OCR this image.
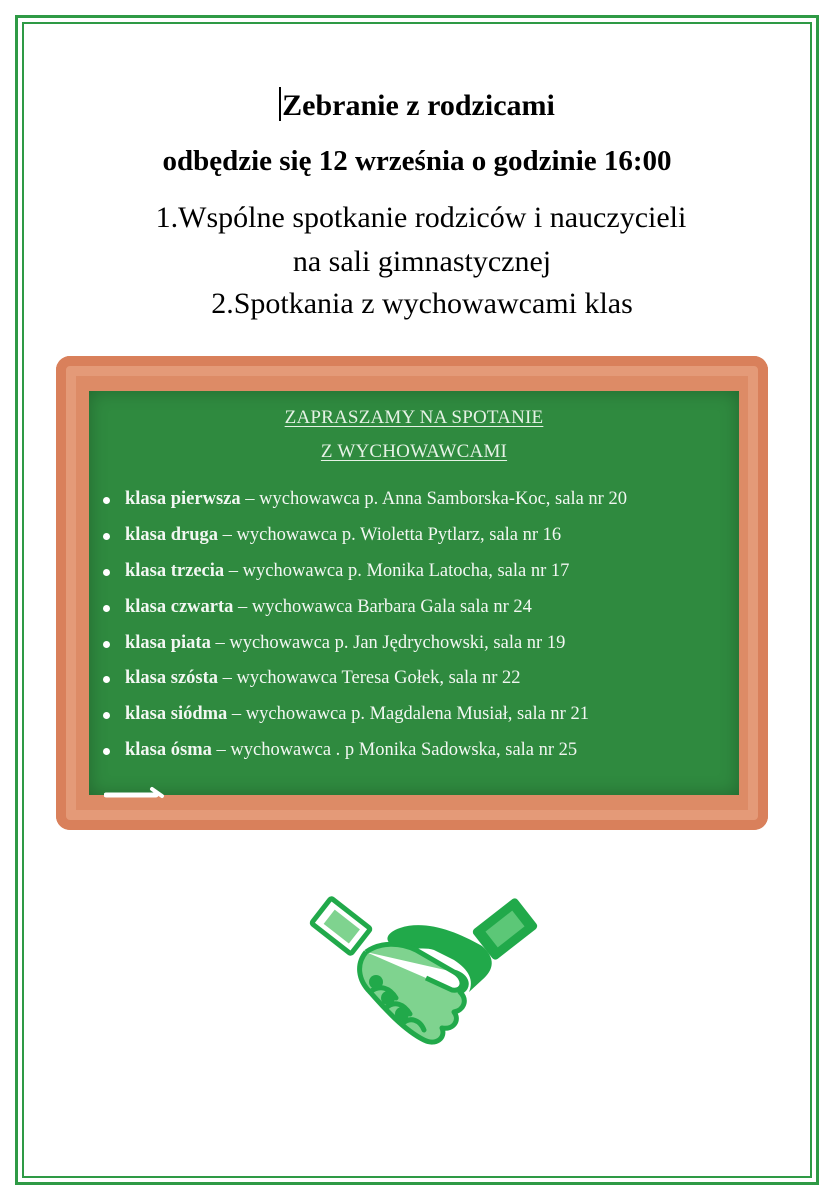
Zebranie z rodzicami
odbędzie się 12 września o godzinie 16:00
1.Wspólne spotkanie rodziców i nauczycieli
na sali gimnastycznej
2.Spotkania z wychowawcami klas
ZAPRASZAMY NA SPOTANIE
Z WYCHOWAWCAMI
klasa pierwsza – wychowawca p. Anna Samborska-Koc, sala nr 20
klasa druga – wychowawca p. Wioletta Pytlarz, sala nr 16
klasa trzecia – wychowawca p. Monika Latocha, sala nr 17
klasa czwarta – wychowawca Barbara Gala sala nr 24
klasa piata – wychowawca p. Jan Jędrychowski, sala nr 19
klasa szósta – wychowawca Teresa Gołek, sala nr 22
klasa siódma – wychowawca p. Magdalena Musiał, sala nr 21
klasa ósma – wychowawca . p Monika Sadowska, sala nr 25
